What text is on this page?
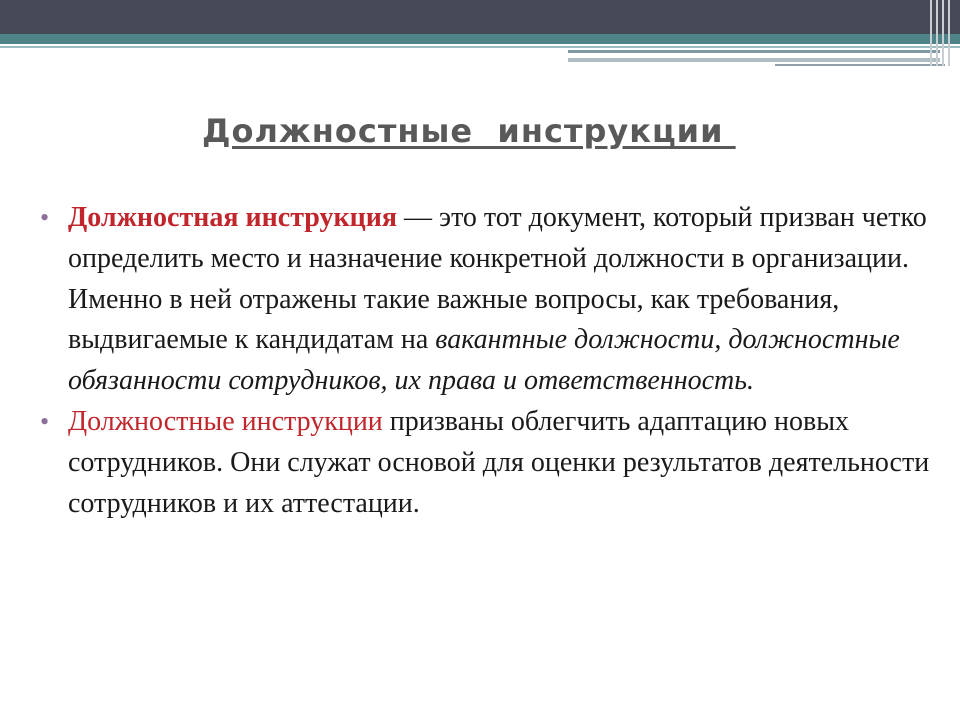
Должностные  инструкции

• Должностная инструкция — это тот документ, который призван четко определить место и назначение конкретной должности в организации. Именно в ней отражены такие важные вопросы, как требования, выдвигаемые к кандидатам на вакантные должности, должностные обязанности сотрудников, их права и ответственность.

• Должностные инструкции призваны облегчить адаптацию новых сотрудников. Они служат основой для оценки результатов деятельности сотрудников и их аттестации.
